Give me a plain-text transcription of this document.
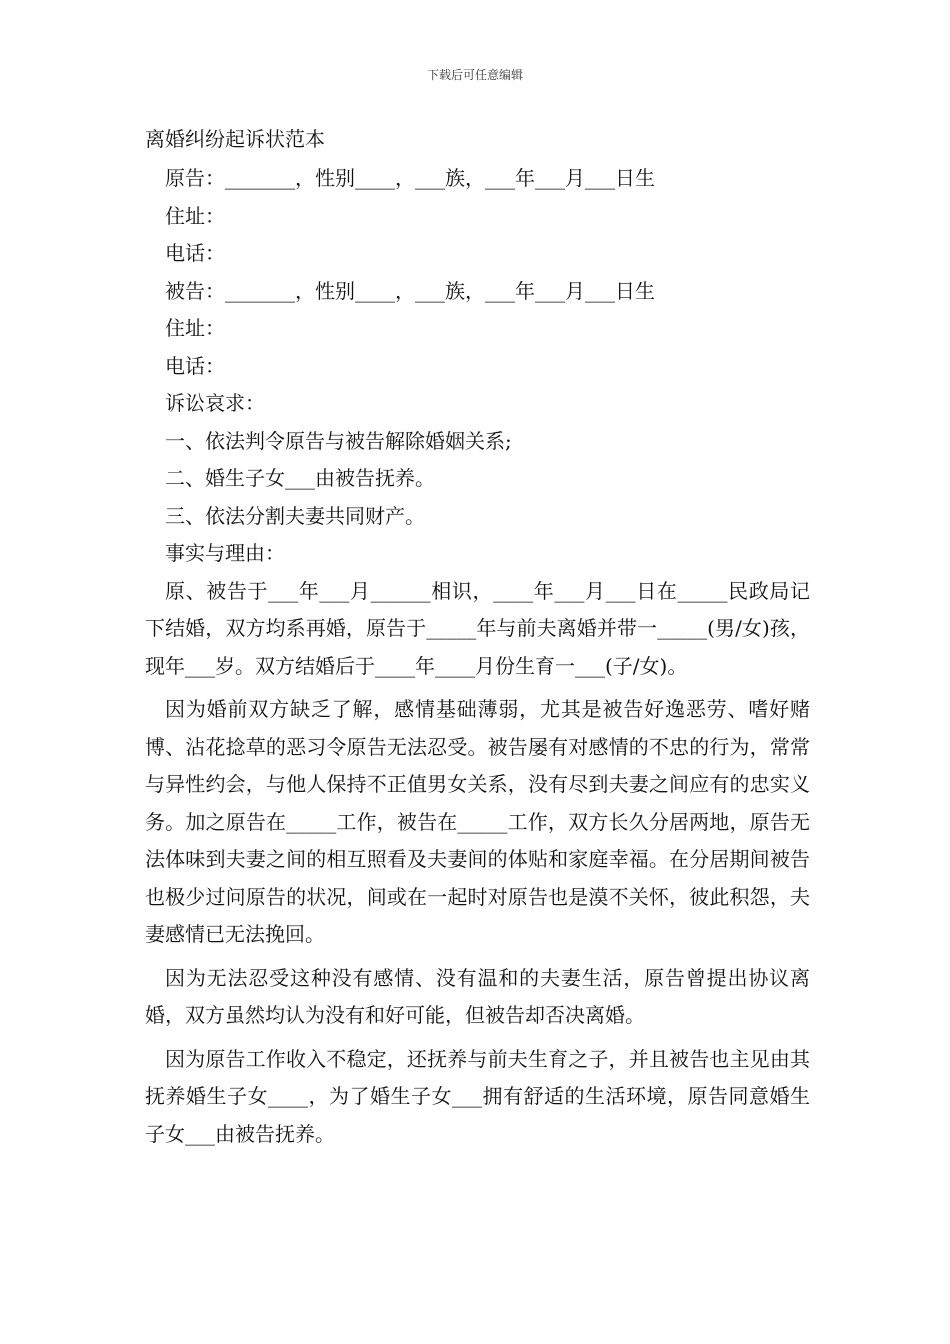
下载后可任意编辑
离婚纠纷起诉状范本

原告：_______，性别____，___族，___年___月___日生

住址：

电话：

被告：_______，性别____，___族，___年___月___日生

住址：

电话：

诉讼哀求：

一、依法判令原告与被告解除婚姻关系;

二、婚生子女___由被告抚养。

三、依法分割夫妻共同财产。

事实与理由：

原、被告于___年___月______相识，____年___月___日在_____民政局记下结婚，双方均系再婚，原告于_____年与前夫离婚并带一_____(男/女)孩，现年___岁。双方结婚后于____年____月份生育一___(子/女)。

因为婚前双方缺乏了解，感情基础薄弱，尤其是被告好逸恶劳、嗜好赌博、沾花捻草的恶习令原告无法忍受。被告屡有对感情的不忠的行为，常常与异性约会，与他人保持不正值男女关系，没有尽到夫妻之间应有的忠实义务。加之原告在_____工作，被告在_____工作，双方长久分居两地，原告无法体味到夫妻之间的相互照看及夫妻间的体贴和家庭幸福。在分居期间被告也极少过问原告的状况，间或在一起时对原告也是漠不关怀，彼此积怨，夫妻感情已无法挽回。

因为无法忍受这种没有感情、没有温和的夫妻生活，原告曾提出协议离婚，双方虽然均认为没有和好可能，但被告却否决离婚。

因为原告工作收入不稳定，还抚养与前夫生育之子，并且被告也主见由其抚养婚生子女____，为了婚生子女___拥有舒适的生活环境，原告同意婚生子女___由被告抚养。
